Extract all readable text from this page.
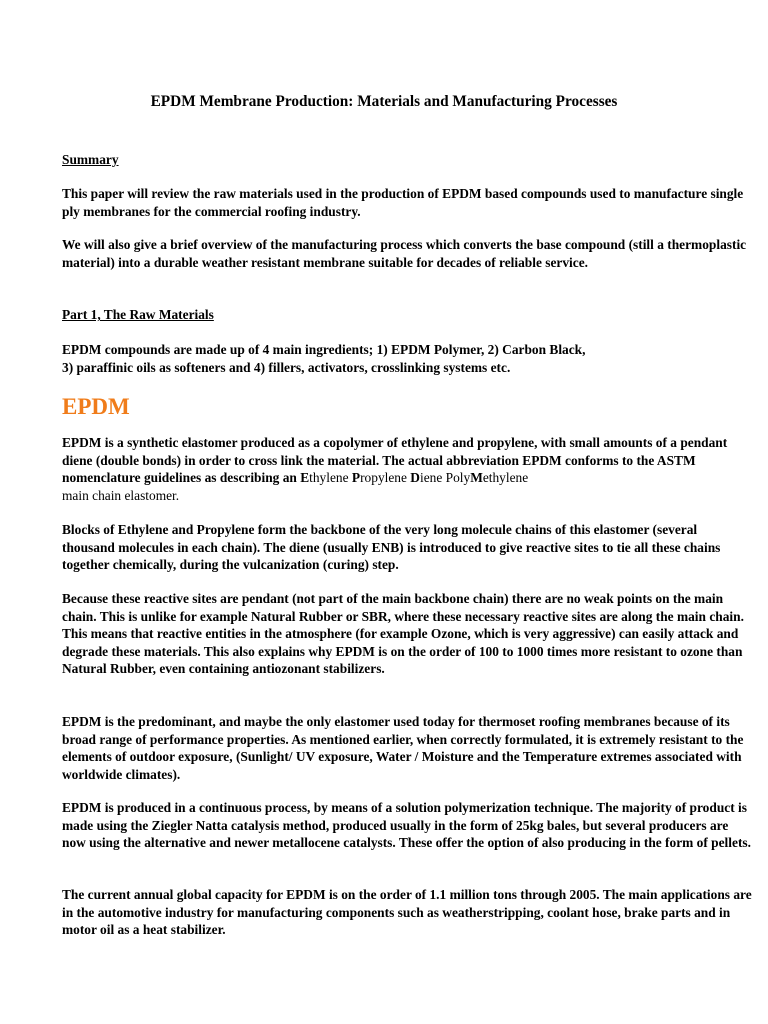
EPDM Membrane Production: Materials and Manufacturing Processes

Summary

This paper will review the raw materials used in the production of EPDM based compounds used to manufacture single ply membranes for the commercial roofing industry.

We will also give a brief overview of the manufacturing process which converts the base compound (still a thermoplastic material) into a durable weather resistant membrane suitable for decades of reliable service.

Part 1, The Raw Materials

EPDM compounds are made up of 4 main ingredients; 1) EPDM Polymer, 2) Carbon Black,
3) paraffinic oils as softeners and 4) fillers, activators, crosslinking systems etc.

EPDM

EPDM is a synthetic elastomer produced as a copolymer of ethylene and propylene, with small amounts of a pendant diene (double bonds) in order to cross link the material. The actual abbreviation EPDM conforms to the ASTM nomenclature guidelines as describing an Ethylene Propylene Diene PolyMethylene
main chain elastomer.

Blocks of Ethylene and Propylene form the backbone of the very long molecule chains of this elastomer (several thousand molecules in each chain). The diene (usually ENB) is introduced to give reactive sites to tie all these chains together chemically, during the vulcanization (curing) step.

Because these reactive sites are pendant (not part of the main backbone chain) there are no weak points on the main chain. This is unlike for example Natural Rubber or SBR, where these necessary reactive sites are along the main chain. This means that reactive entities in the atmosphere (for example Ozone, which is very aggressive) can easily attack and degrade these materials. This also explains why EPDM is on the order of 100 to 1000 times more resistant to ozone than Natural Rubber, even containing antiozonant stabilizers.

EPDM is the predominant, and maybe the only elastomer used today for thermoset roofing membranes because of its broad range of performance properties. As mentioned earlier, when correctly formulated, it is extremely resistant to the elements of outdoor exposure, (Sunlight/ UV exposure, Water / Moisture and the Temperature extremes associated with worldwide climates).

EPDM is produced in a continuous process, by means of a solution polymerization technique. The majority of product is made using the Ziegler Natta catalysis method, produced usually in the form of 25kg bales, but several producers are now using the alternative and newer metallocene catalysts. These offer the option of also producing in the form of pellets.

The current annual global capacity for EPDM is on the order of 1.1 million tons through 2005. The main applications are in the automotive industry for manufacturing components such as weatherstripping, coolant hose, brake parts and in motor oil as a heat stabilizer.
